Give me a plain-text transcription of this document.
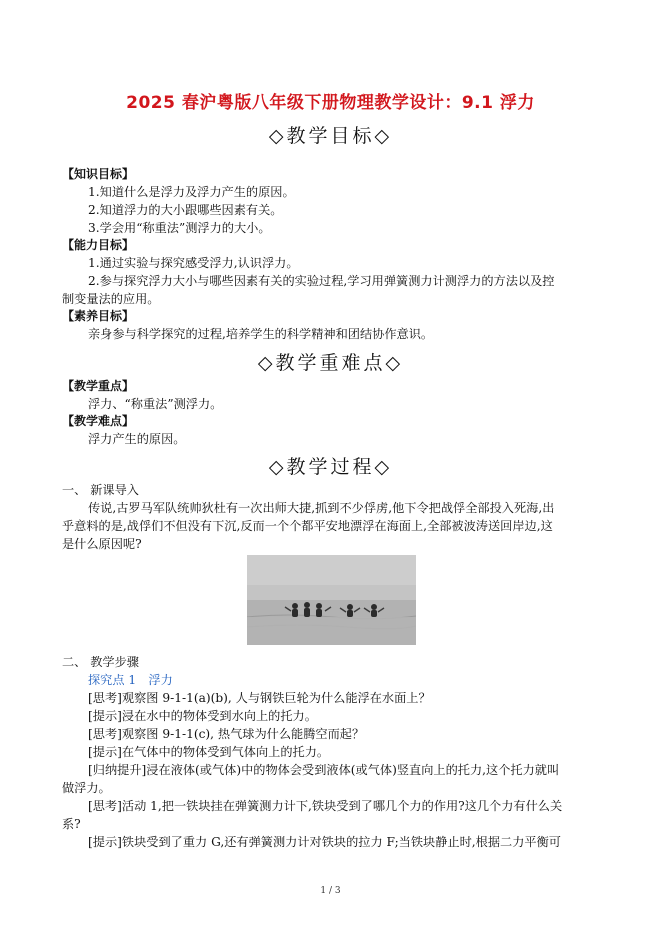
2025 春沪粤版八年级下册物理教学设计：9.1 浮力
◇教学目标◇
【知识目标】
1.知道什么是浮力及浮力产生的原因。
2.知道浮力的大小跟哪些因素有关。
3.学会用“称重法”测浮力的大小。
【能力目标】
1.通过实验与探究感受浮力,认识浮力。
2.参与探究浮力大小与哪些因素有关的实验过程,学习用弹簧测力计测浮力的方法以及控
制变量法的应用。
【素养目标】
亲身参与科学探究的过程,培养学生的科学精神和团结协作意识。
◇教学重难点◇
【教学重点】
浮力、“称重法”测浮力。
【教学难点】
浮力产生的原因。
◇教学过程◇
一、 新课导入
传说,古罗马军队统帅狄杜有一次出师大捷,抓到不少俘虏,他下令把战俘全部投入死海,出
乎意料的是,战俘们不但没有下沉,反而一个个都平安地漂浮在海面上,全部被波涛送回岸边,这
是什么原因呢?
二、 教学步骤
探究点 1　浮力
[思考]观察图 9-1-1(a)(b), 人与钢铁巨轮为什么能浮在水面上？
[提示]浸在水中的物体受到水向上的托力。
[思考]观察图 9-1-1(c), 热气球为什么能腾空而起？
[提示]在气体中的物体受到气体向上的托力。
[归纳提升]浸在液体(或气体)中的物体会受到液体(或气体)竖直向上的托力,这个托力就叫
做浮力。
[思考]活动 1,把一铁块挂在弹簧测力计下,铁块受到了哪几个力的作用?这几个力有什么关
系?
[提示]铁块受到了重力 G,还有弹簧测力计对铁块的拉力 F;当铁块静止时,根据二力平衡可
1 / 3
